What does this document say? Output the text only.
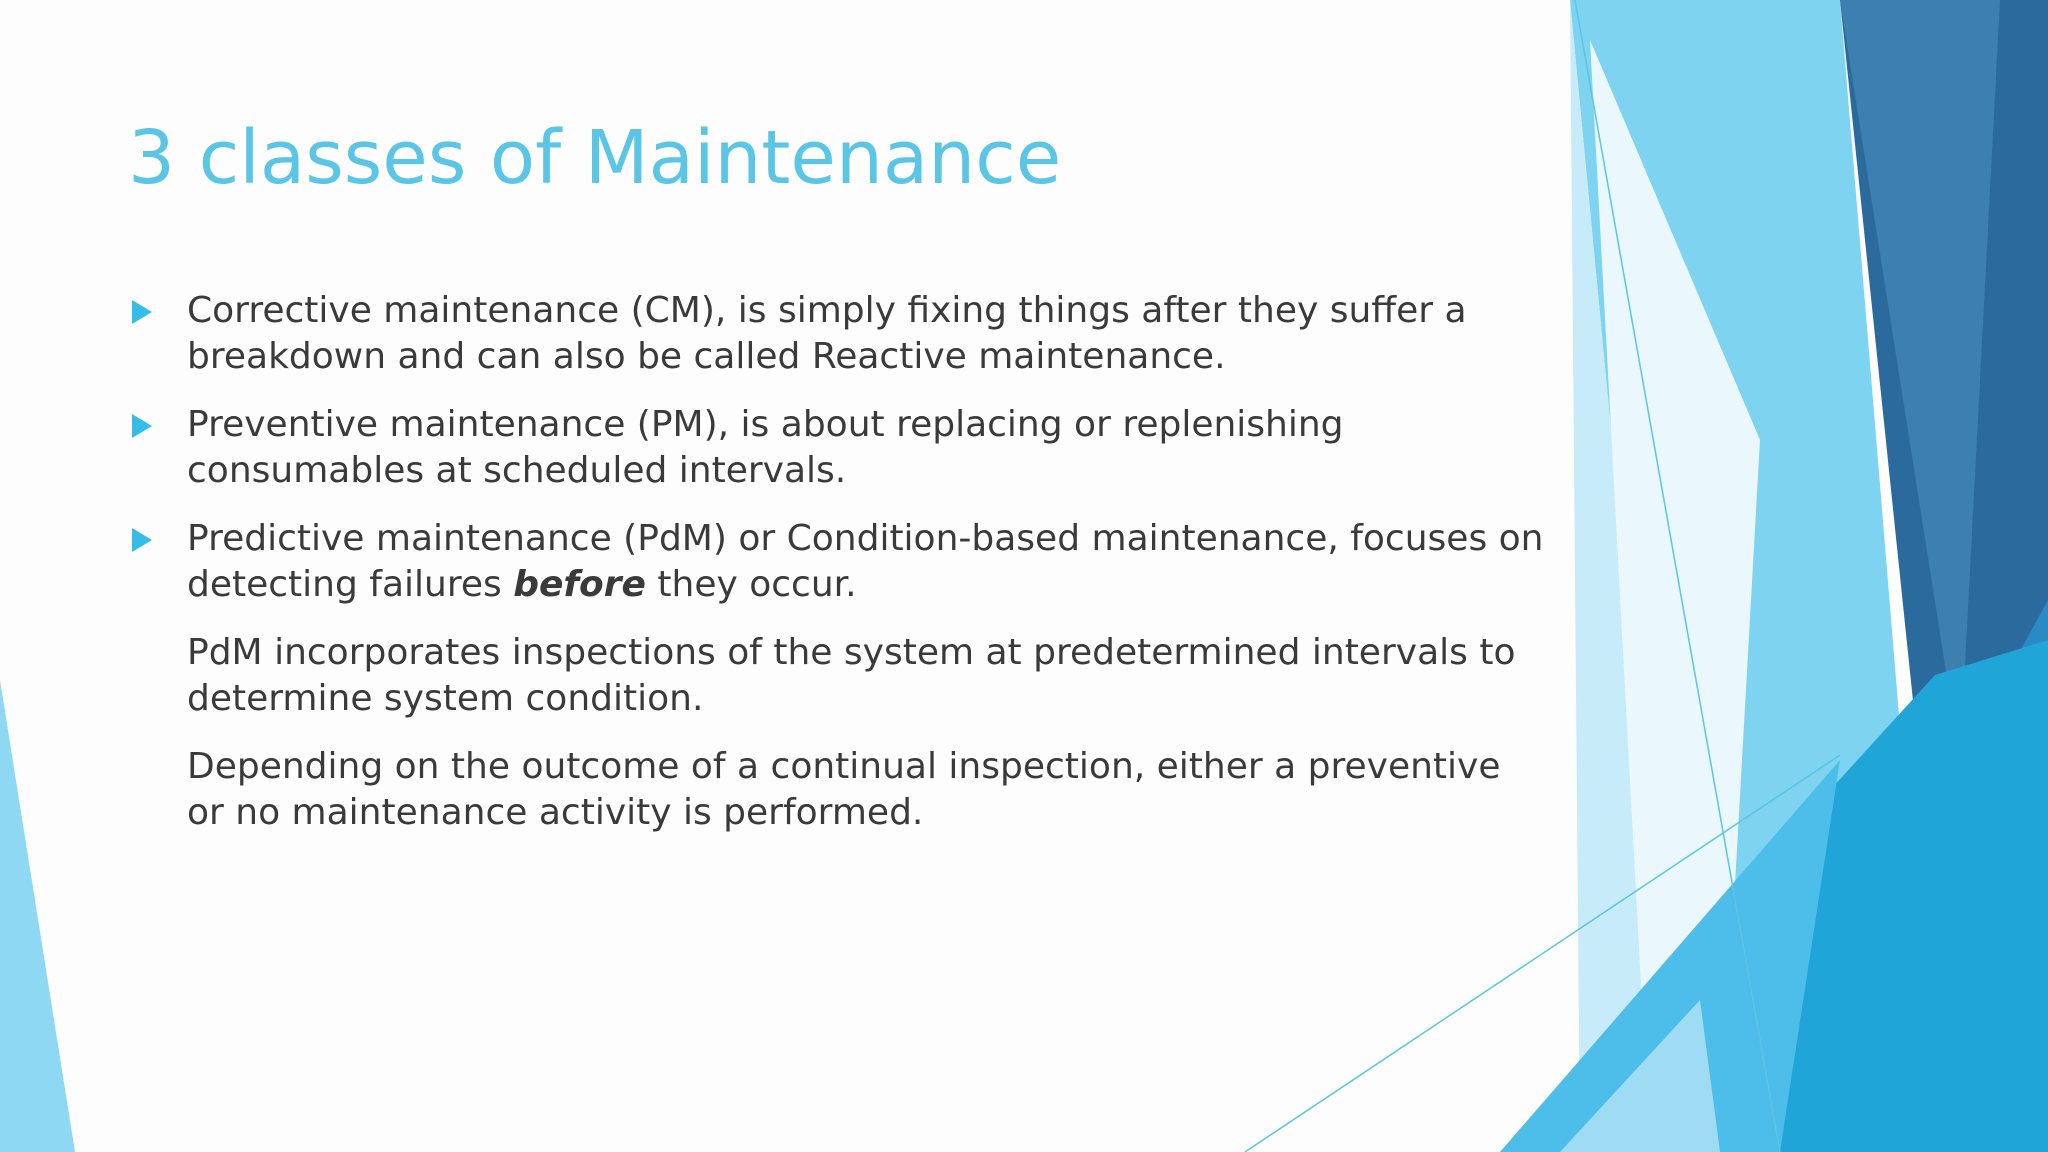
3 classes of Maintenance
Corrective maintenance (CM), is simply fixing things after they suffer a breakdown and can also be called Reactive maintenance.
Preventive maintenance (PM), is about replacing or replenishing consumables at scheduled intervals.
Predictive maintenance (PdM) or Condition-based maintenance, focuses on detecting failures before they occur.
PdM incorporates inspections of the system at predetermined intervals to determine system condition.
Depending on the outcome of a continual inspection, either a preventive or no maintenance activity is performed.
